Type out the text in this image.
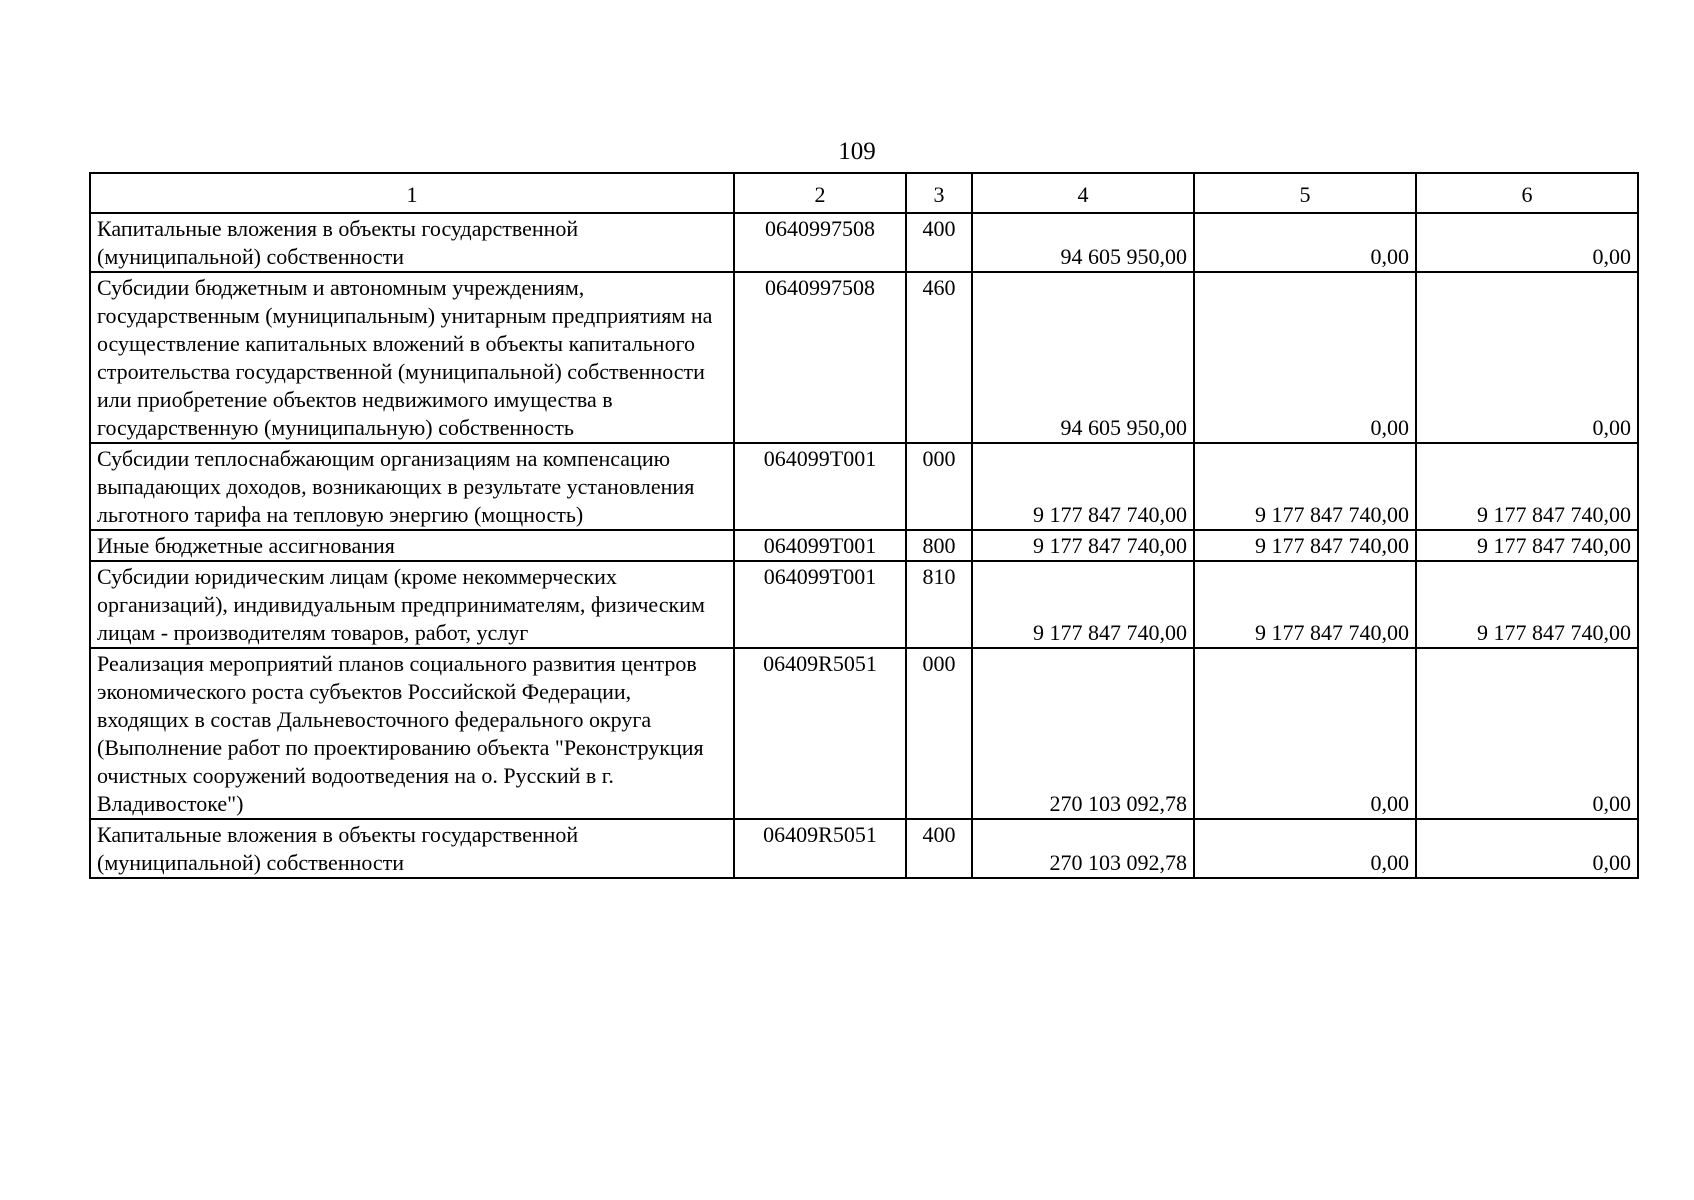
109
1	2	3	4	5	6
Капитальные вложения в объекты государственной (муниципальной) собственности	0640997508	400	94 605 950,00	0,00	0,00
Субсидии бюджетным и автономным учреждениям, государственным (муниципальным) унитарным предприятиям на осуществление капитальных вложений в объекты капитального строительства государственной (муниципальной) собственности или приобретение объектов недвижимого имущества в государственную (муниципальную) собственность	0640997508	460	94 605 950,00	0,00	0,00
Субсидии теплоснабжающим организациям на компенсацию выпадающих доходов, возникающих в результате установления льготного тарифа на тепловую энергию (мощность)	064099Т001	000	9 177 847 740,00	9 177 847 740,00	9 177 847 740,00
Иные бюджетные ассигнования	064099Т001	800	9 177 847 740,00	9 177 847 740,00	9 177 847 740,00
Субсидии юридическим лицам (кроме некоммерческих организаций), индивидуальным предпринимателям, физическим лицам - производителям товаров, работ, услуг	064099Т001	810	9 177 847 740,00	9 177 847 740,00	9 177 847 740,00
Реализация мероприятий планов социального развития центров экономического роста субъектов Российской Федерации, входящих в состав Дальневосточного федерального округа (Выполнение работ по проектированию объекта "Реконструкция очистных сооружений водоотведения на о. Русский в г. Владивостоке")	06409R5051	000	270 103 092,78	0,00	0,00
Капитальные вложения в объекты государственной (муниципальной) собственности	06409R5051	400	270 103 092,78	0,00	0,00
